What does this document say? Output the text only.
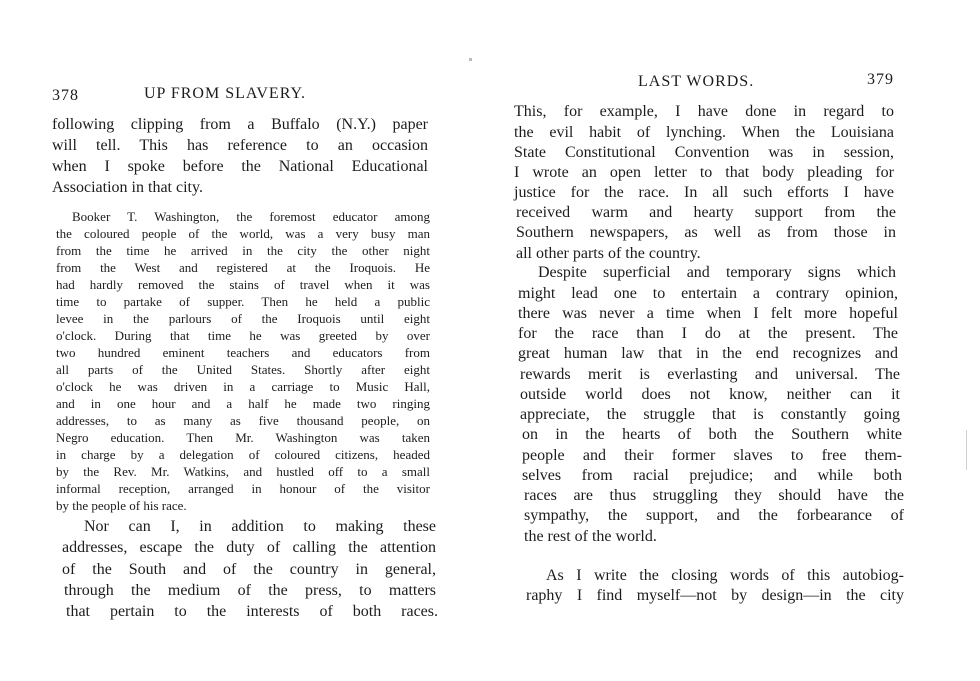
378	UP FROM SLAVERY.
following clipping from a Buffalo (N.Y.) paper
will tell. This has reference to an occasion
when I spoke before the National Educational
Association in that city.
Booker T. Washington, the foremost educator among
the coloured people of the world, was a very busy man
from the time he arrived in the city the other night
from the West and registered at the Iroquois. He
had hardly removed the stains of travel when it was
time to partake of supper. Then he held a public
levee in the parlours of the Iroquois until eight
o'clock. During that time he was greeted by over
two hundred eminent teachers and educators from
all parts of the United States. Shortly after eight
o'clock he was driven in a carriage to Music Hall,
and in one hour and a half he made two ringing
addresses, to as many as five thousand people, on
Negro education. Then Mr. Washington was taken
in charge by a delegation of coloured citizens, headed
by the Rev. Mr. Watkins, and hustled off to a small
informal reception, arranged in honour of the visitor
by the people of his race.
Nor can I, in addition to making these
addresses, escape the duty of calling the attention
of the South and of the country in general,
through the medium of the press, to matters
that pertain to the interests of both races.
LAST WORDS.	379
This, for example, I have done in regard to
the evil habit of lynching. When the Louisiana
State Constitutional Convention was in session,
I wrote an open letter to that body pleading for
justice for the race. In all such efforts I have
received warm and hearty support from the
Southern newspapers, as well as from those in
all other parts of the country.
Despite superficial and temporary signs which
might lead one to entertain a contrary opinion,
there was never a time when I felt more hopeful
for the race than I do at the present. The
great human law that in the end recognizes and
rewards merit is everlasting and universal. The
outside world does not know, neither can it
appreciate, the struggle that is constantly going
on in the hearts of both the Southern white
people and their former slaves to free them-
selves from racial prejudice; and while both
races are thus struggling they should have the
sympathy, the support, and the forbearance of
the rest of the world.
As I write the closing words of this autobiog-
raphy I find myself—not by design—in the city
